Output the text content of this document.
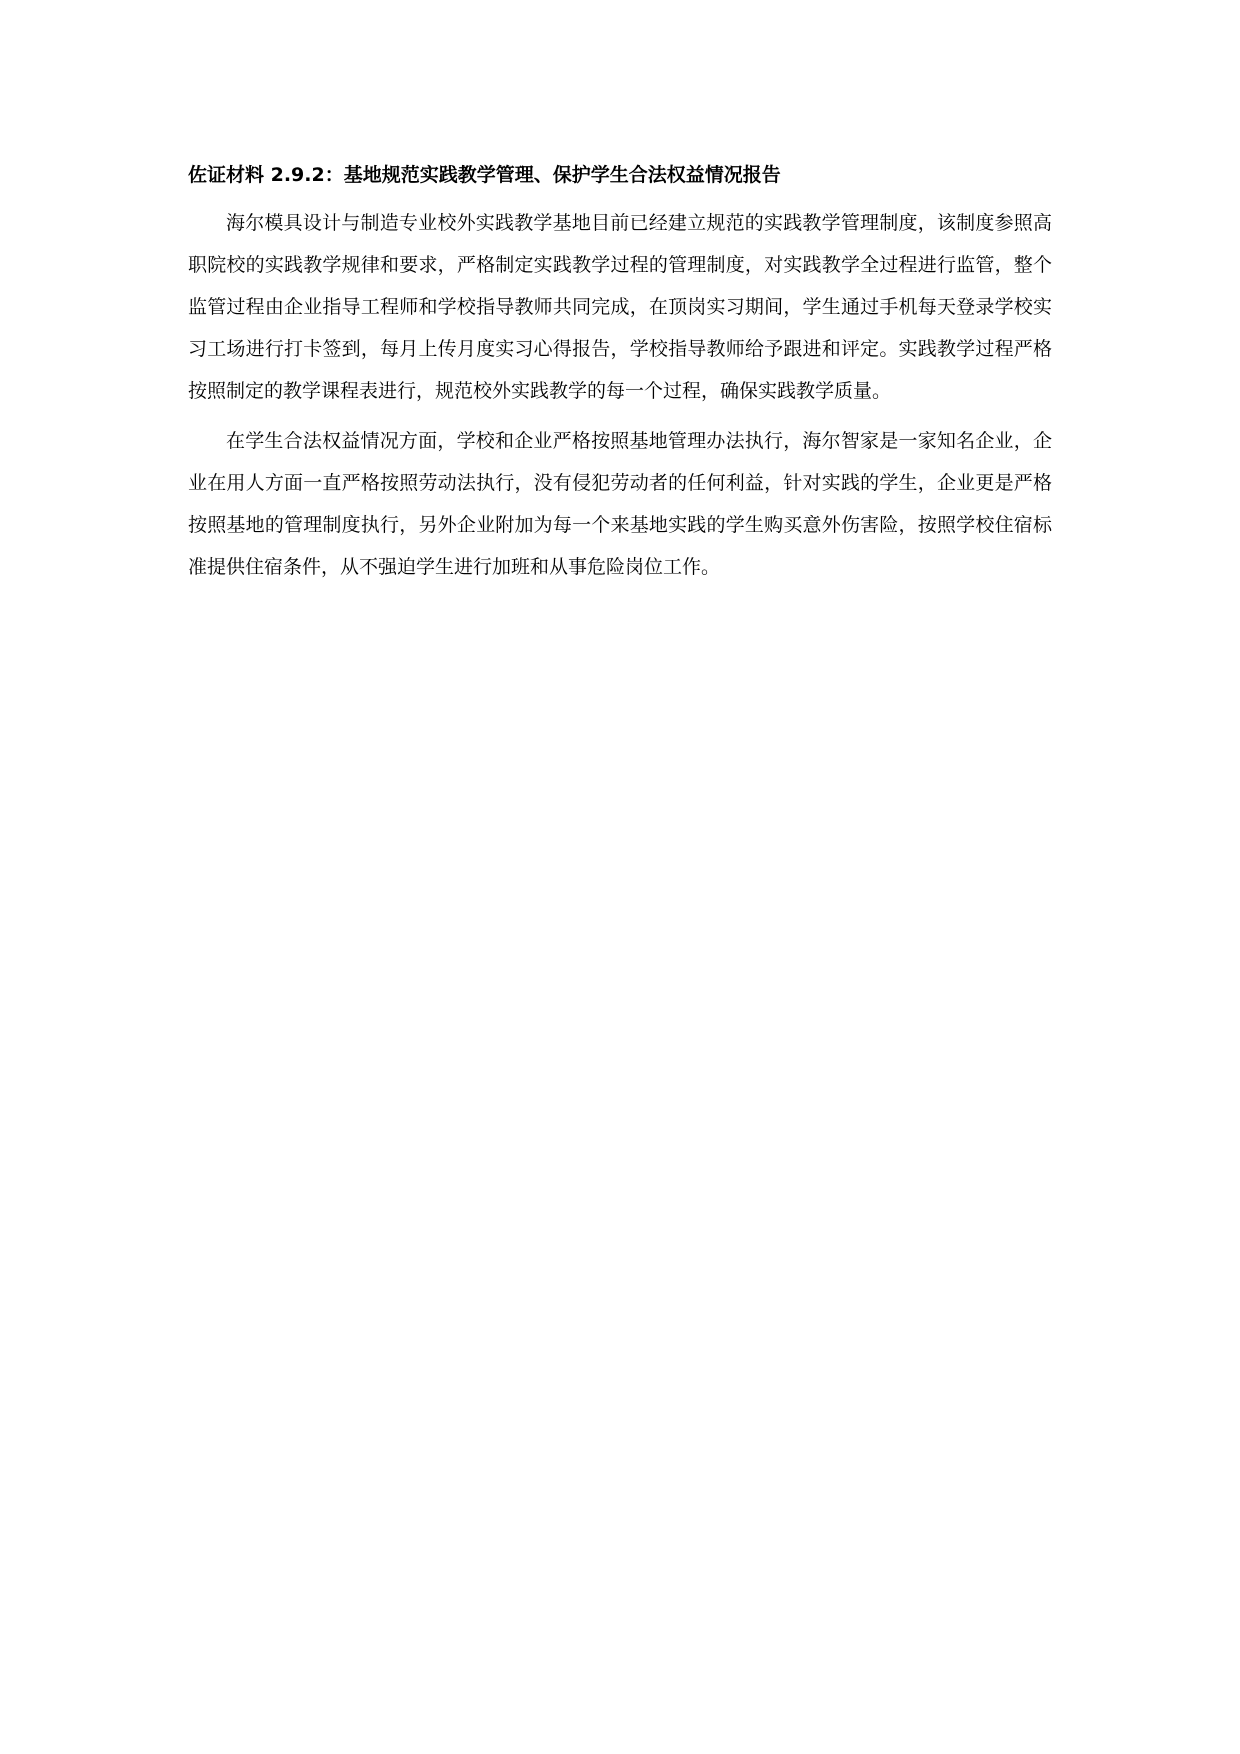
佐证材料 2.9.2：基地规范实践教学管理、保护学生合法权益情况报告

海尔模具设计与制造专业校外实践教学基地目前已经建立规范的实践教学管理制度，该制度参照高职院校的实践教学规律和要求，严格制定实践教学过程的管理制度，对实践教学全过程进行监管，整个监管过程由企业指导工程师和学校指导教师共同完成，在顶岗实习期间，学生通过手机每天登录学校实习工场进行打卡签到，每月上传月度实习心得报告，学校指导教师给予跟进和评定。实践教学过程严格按照制定的教学课程表进行，规范校外实践教学的每一个过程，确保实践教学质量。

在学生合法权益情况方面，学校和企业严格按照基地管理办法执行，海尔智家是一家知名企业，企业在用人方面一直严格按照劳动法执行，没有侵犯劳动者的任何利益，针对实践的学生，企业更是严格按照基地的管理制度执行，另外企业附加为每一个来基地实践的学生购买意外伤害险，按照学校住宿标准提供住宿条件，从不强迫学生进行加班和从事危险岗位工作。
